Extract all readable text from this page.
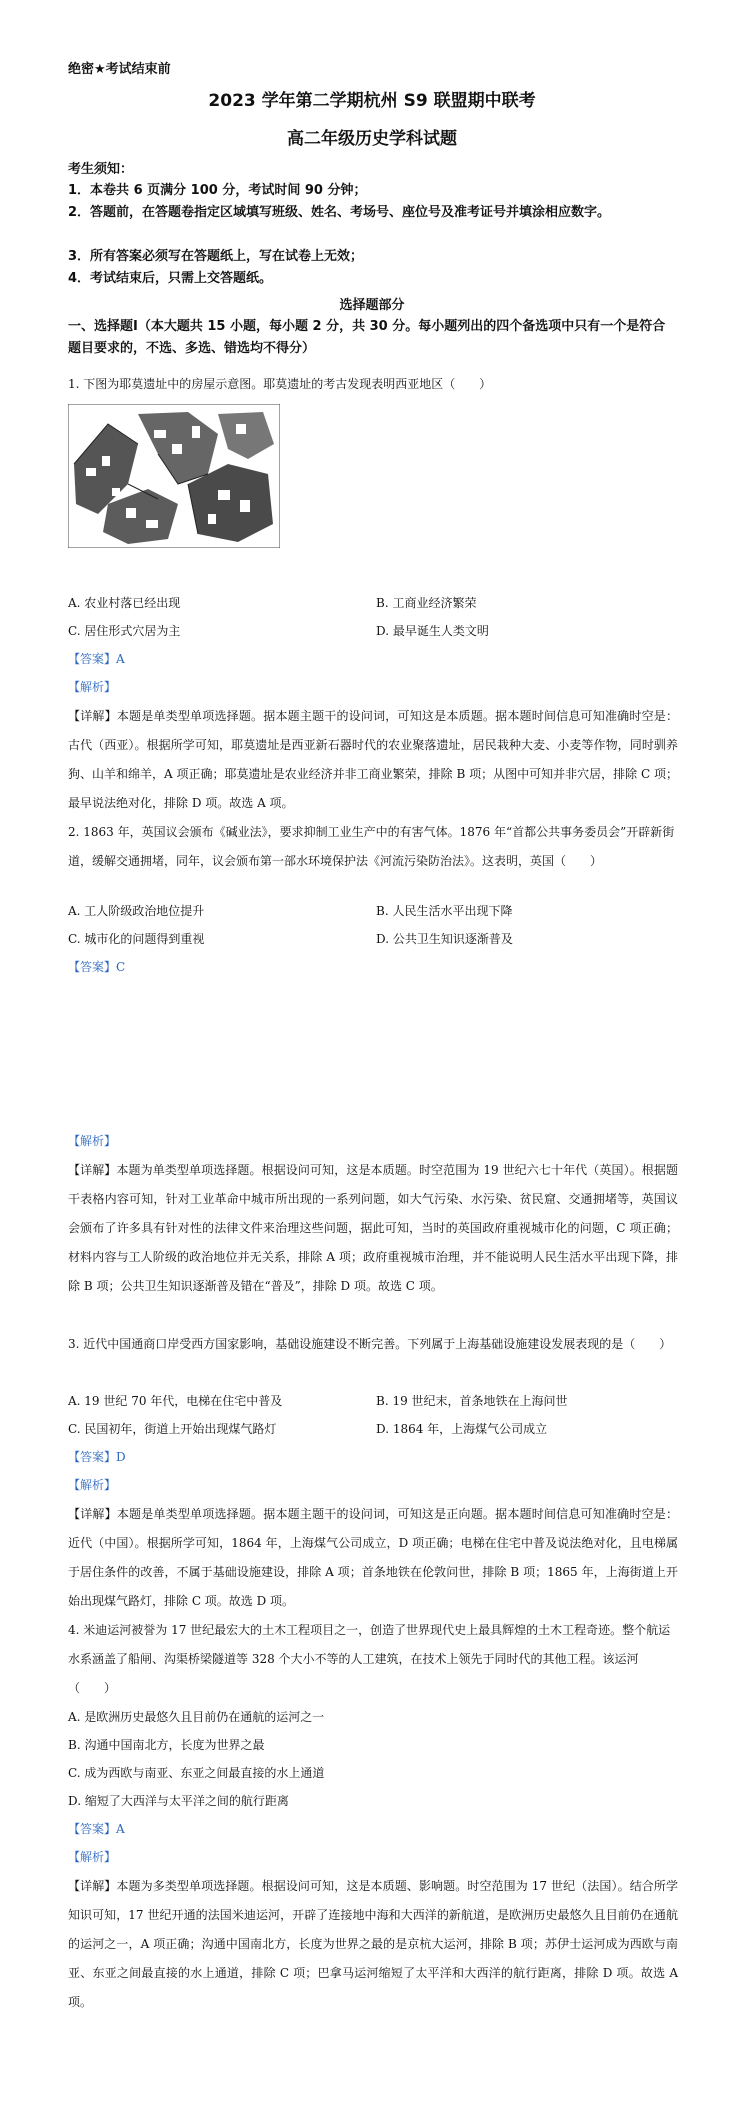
绝密★考试结束前
2023 学年第二学期杭州 S9 联盟期中联考
高二年级历史学科试题
考生须知：
1．本卷共 6 页满分 100 分，考试时间 90 分钟；
2．答题前，在答题卷指定区域填写班级、姓名、考场号、座位号及准考证号并填涂相应数字。
3．所有答案必须写在答题纸上，写在试卷上无效；
4．考试结束后，只需上交答题纸。
选择题部分
一、选择题Ⅰ（本大题共 15 小题，每小题 2 分，共 30 分。每小题列出的四个备选项中只有一个是符合题目要求的，不选、多选、错选均不得分）
1. 下图为耶莫遗址中的房屋示意图。耶莫遗址的考古发现表明西亚地区（　　）
A. 农业村落已经出现	B. 工商业经济繁荣
C. 居住形式穴居为主	D. 最早诞生人类文明
【答案】A
【解析】
【详解】本题是单类型单项选择题。据本题主题干的设问词，可知这是本质题。据本题时间信息可知准确时空是：古代（西亚）。根据所学可知，耶莫遗址是西亚新石器时代的农业聚落遗址，居民栽种大麦、小麦等作物，同时驯养狗、山羊和绵羊，A 项正确；耶莫遗址是农业经济并非工商业繁荣，排除 B 项；从图中可知并非穴居，排除 C 项；最早说法绝对化，排除 D 项。故选 A 项。
2. 1863 年，英国议会颁布《碱业法》，要求抑制工业生产中的有害气体。1876 年“首都公共事务委员会”开辟新街道，缓解交通拥堵，同年，议会颁布第一部水环境保护法《河流污染防治法》。这表明，英国（　　）
A. 工人阶级政治地位提升	B. 人民生活水平出现下降
C. 城市化的问题得到重视	D. 公共卫生知识逐渐普及
【答案】C
【解析】
【详解】本题为单类型单项选择题。根据设问可知，这是本质题。时空范围为 19 世纪六七十年代（英国）。根据题干表格内容可知，针对工业革命中城市所出现的一系列问题，如大气污染、水污染、贫民窟、交通拥堵等，英国议会颁布了许多具有针对性的法律文件来治理这些问题，据此可知，当时的英国政府重视城市化的问题，C 项正确；材料内容与工人阶级的政治地位并无关系，排除 A 项；政府重视城市治理，并不能说明人民生活水平出现下降，排除 B 项；公共卫生知识逐渐普及错在“普及”，排除 D 项。故选 C 项。
3. 近代中国通商口岸受西方国家影响，基础设施建设不断完善。下列属于上海基础设施建设发展表现的是（　　）
A. 19 世纪 70 年代，电梯在住宅中普及	B. 19 世纪末，首条地铁在上海问世
C. 民国初年，街道上开始出现煤气路灯	D. 1864 年，上海煤气公司成立
【答案】D
【解析】
【详解】本题是单类型单项选择题。据本题主题干的设问词，可知这是正向题。据本题时间信息可知准确时空是：近代（中国）。根据所学可知，1864 年，上海煤气公司成立，D 项正确；电梯在住宅中普及说法绝对化，且电梯属于居住条件的改善，不属于基础设施建设，排除 A 项；首条地铁在伦敦问世，排除 B 项；1865 年，上海街道上开始出现煤气路灯，排除 C 项。故选 D 项。
4. 米迪运河被誉为 17 世纪最宏大的土木工程项目之一，创造了世界现代史上最具辉煌的土木工程奇迹。整个航运水系涵盖了船闸、沟渠桥梁隧道等 328 个大小不等的人工建筑，在技术上领先于同时代的其他工程。该运河（　　）
A. 是欧洲历史最悠久且目前仍在通航的运河之一
B. 沟通中国南北方，长度为世界之最
C. 成为西欧与南亚、东亚之间最直接的水上通道
D. 缩短了大西洋与太平洋之间的航行距离
【答案】A
【解析】
【详解】本题为多类型单项选择题。根据设问可知，这是本质题、影响题。时空范围为 17 世纪（法国）。结合所学知识可知，17 世纪开通的法国米迪运河，开辟了连接地中海和大西洋的新航道，是欧洲历史最悠久且目前仍在通航的运河之一，A 项正确；沟通中国南北方，长度为世界之最的是京杭大运河，排除 B 项；苏伊士运河成为西欧与南亚、东亚之间最直接的水上通道，排除 C 项；巴拿马运河缩短了太平洋和大西洋的航行距离，排除 D 项。故选 A 项。
